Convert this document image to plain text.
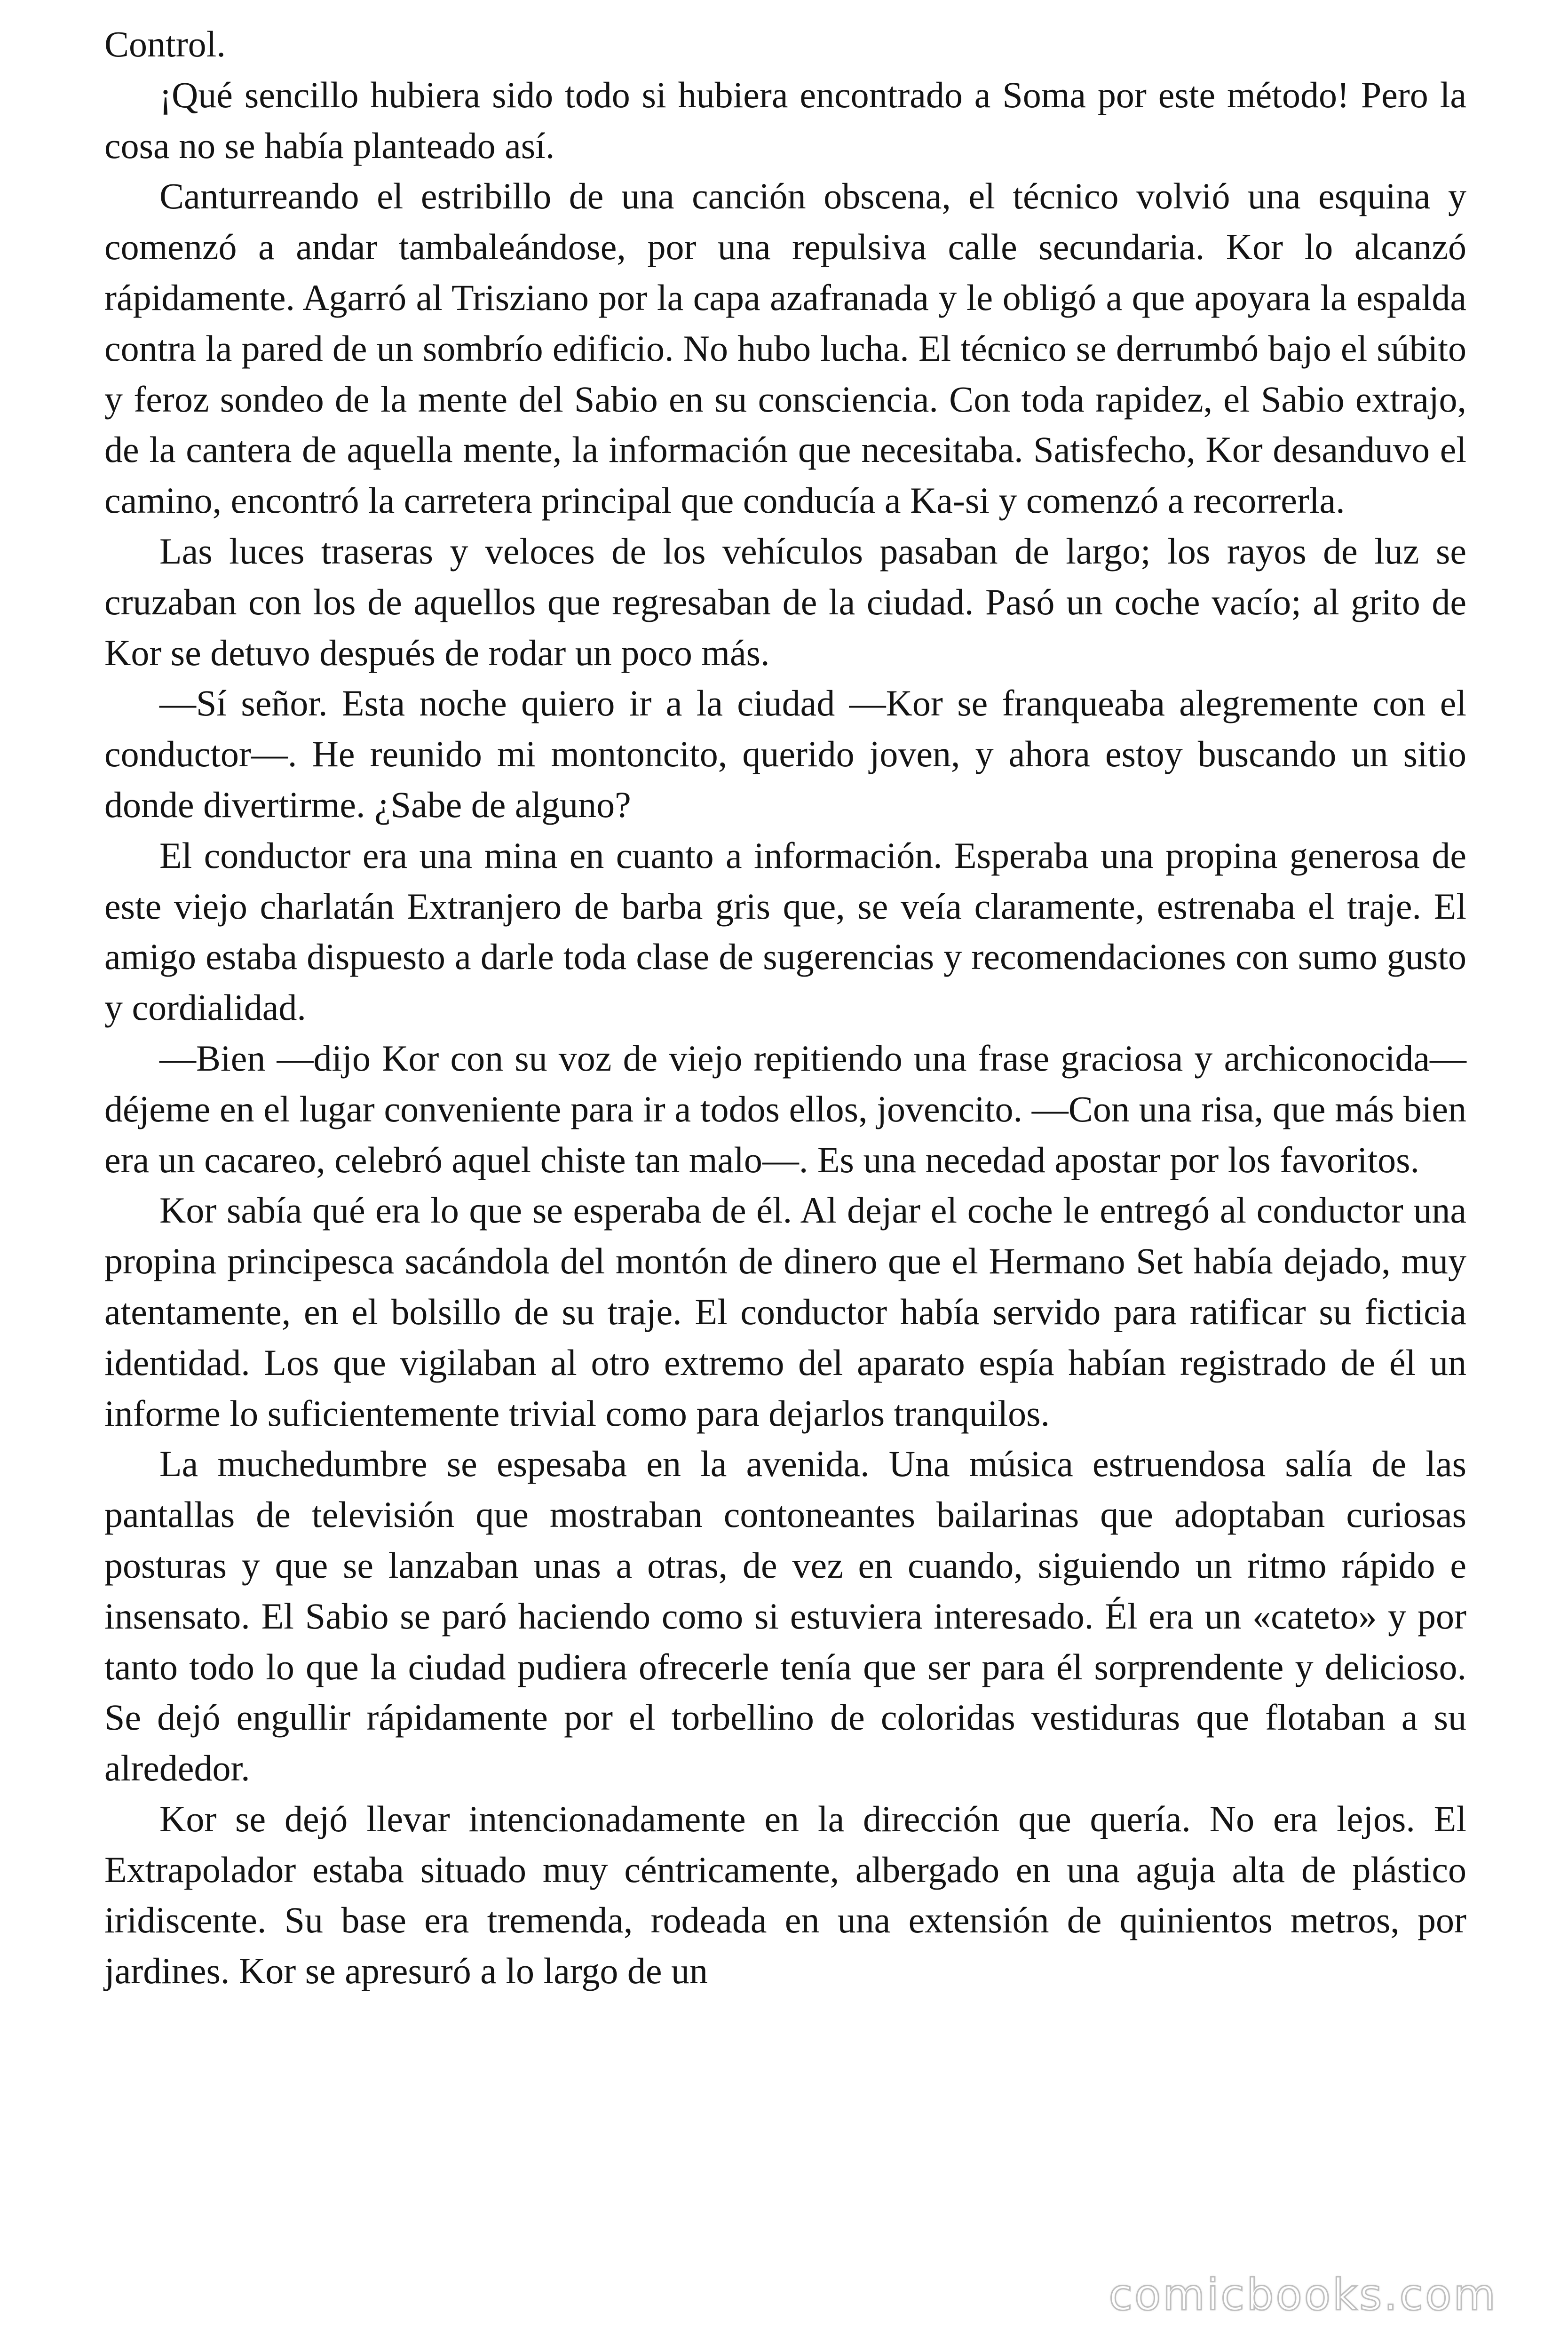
Control.

¡Qué sencillo hubiera sido todo si hubiera encontrado a Soma por este método! Pero la cosa no se había planteado así.

Canturreando el estribillo de una canción obscena, el técnico volvió una esquina y comenzó a andar tambaleándose, por una repulsiva calle secundaria. Kor lo alcanzó rápidamente. Agarró al Trisziano por la capa azafranada y le obligó a que apoyara la espalda contra la pared de un sombrío edificio. No hubo lucha. El técnico se derrumbó bajo el súbito y feroz sondeo de la mente del Sabio en su consciencia. Con toda rapidez, el Sabio extrajo, de la cantera de aquella mente, la información que necesitaba. Satisfecho, Kor desanduvo el camino, encontró la carretera principal que conducía a Ka-si y comenzó a recorrerla.

Las luces traseras y veloces de los vehículos pasaban de largo; los rayos de luz se cruzaban con los de aquellos que regresaban de la ciudad. Pasó un coche vacío; al grito de Kor se detuvo después de rodar un poco más.

—Sí señor. Esta noche quiero ir a la ciudad —Kor se franqueaba alegremente con el conductor—. He reunido mi montoncito, querido joven, y ahora estoy buscando un sitio donde divertirme. ¿Sabe de alguno?

El conductor era una mina en cuanto a información. Esperaba una propina generosa de este viejo charlatán Extranjero de barba gris que, se veía claramente, estrenaba el traje. El amigo estaba dispuesto a darle toda clase de sugerencias y recomendaciones con sumo gusto y cordialidad.

—Bien —dijo Kor con su voz de viejo repitiendo una frase graciosa y archiconocida— déjeme en el lugar conveniente para ir a todos ellos, jovencito. —Con una risa, que más bien era un cacareo, celebró aquel chiste tan malo—. Es una necedad apostar por los favoritos.

Kor sabía qué era lo que se esperaba de él. Al dejar el coche le entregó al conductor una propina principesca sacándola del montón de dinero que el Hermano Set había dejado, muy atentamente, en el bolsillo de su traje. El conductor había servido para ratificar su ficticia identidad. Los que vigilaban al otro extremo del aparato espía habían registrado de él un informe lo suficientemente trivial como para dejarlos tranquilos.

La muchedumbre se espesaba en la avenida. Una música estruendosa salía de las pantallas de televisión que mostraban contoneantes bailarinas que adoptaban curiosas posturas y que se lanzaban unas a otras, de vez en cuando, siguiendo un ritmo rápido e insensato. El Sabio se paró haciendo como si estuviera interesado. Él era un «cateto» y por tanto todo lo que la ciudad pudiera ofrecerle tenía que ser para él sorprendente y delicioso. Se dejó engullir rápidamente por el torbellino de coloridas vestiduras que flotaban a su alrededor.

Kor se dejó llevar intencionadamente en la dirección que quería. No era lejos. El Extrapolador estaba situado muy céntricamente, albergado en una aguja alta de plástico iridiscente. Su base era tremenda, rodeada en una extensión de quinientos metros, por jardines. Kor se apresuró a lo largo de un

comicbooks.com
